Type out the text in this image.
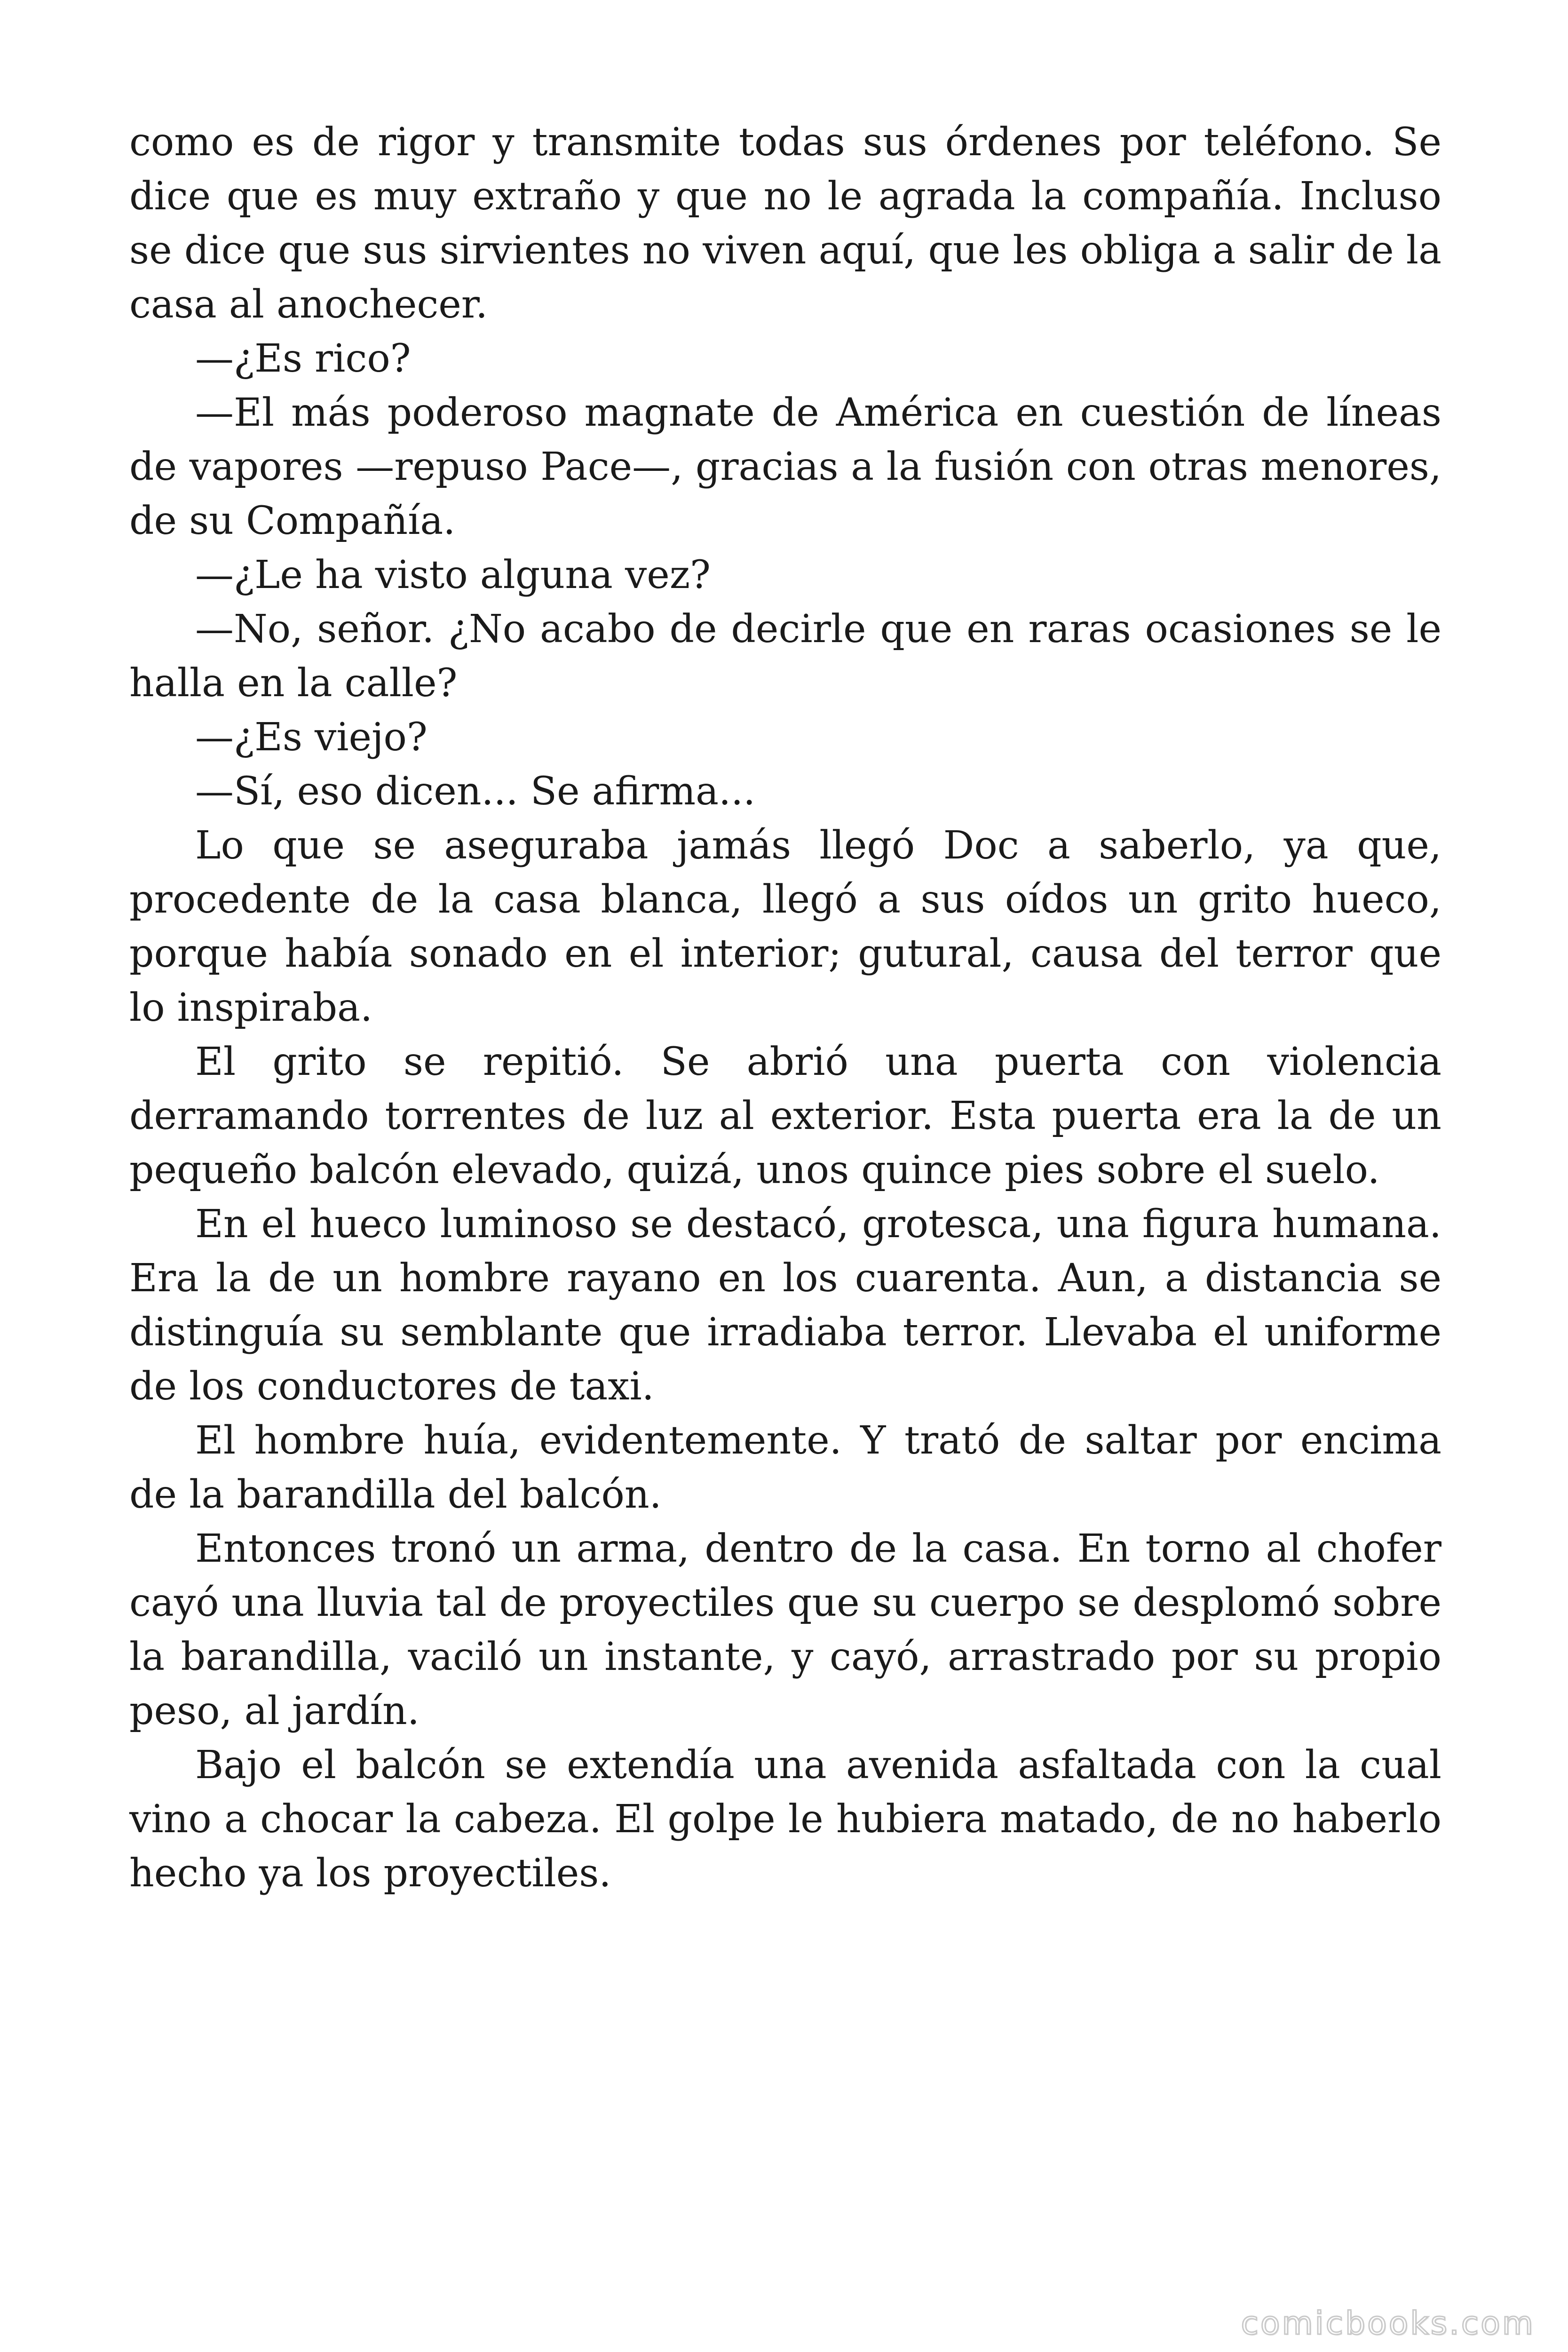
como es de rigor y transmite todas sus órdenes por teléfono. Se dice que es muy extraño y que no le agrada la compañía. Incluso se dice que sus sirvientes no viven aquí, que les obliga a salir de la casa al anochecer.

—¿Es rico?

—El más poderoso magnate de América en cuestión de líneas de vapores —repuso Pace—, gracias a la fusión con otras menores, de su Compañía.

—¿Le ha visto alguna vez?

—No, señor. ¿No acabo de decirle que en raras ocasiones se le halla en la calle?

—¿Es viejo?

—Sí, eso dicen... Se afirma...

Lo que se aseguraba jamás llegó Doc a saberlo, ya que, procedente de la casa blanca, llegó a sus oídos un grito hueco, porque había sonado en el interior; gutural, causa del terror que lo inspiraba.

El grito se repitió. Se abrió una puerta con violencia derramando torrentes de luz al exterior. Esta puerta era la de un pequeño balcón elevado, quizá, unos quince pies sobre el suelo.

En el hueco luminoso se destacó, grotesca, una figura humana. Era la de un hombre rayano en los cuarenta. Aun, a distancia se distinguía su semblante que irradiaba terror. Llevaba el uniforme de los conductores de taxi.

El hombre huía, evidentemente. Y trató de saltar por encima de la barandilla del balcón.

Entonces tronó un arma, dentro de la casa. En torno al chofer cayó una lluvia tal de proyectiles que su cuerpo se desplomó sobre la barandilla, vaciló un instante, y cayó, arrastrado por su propio peso, al jardín.

Bajo el balcón se extendía una avenida asfaltada con la cual vino a chocar la cabeza. El golpe le hubiera matado, de no haberlo hecho ya los proyectiles.

comicbooks.com
